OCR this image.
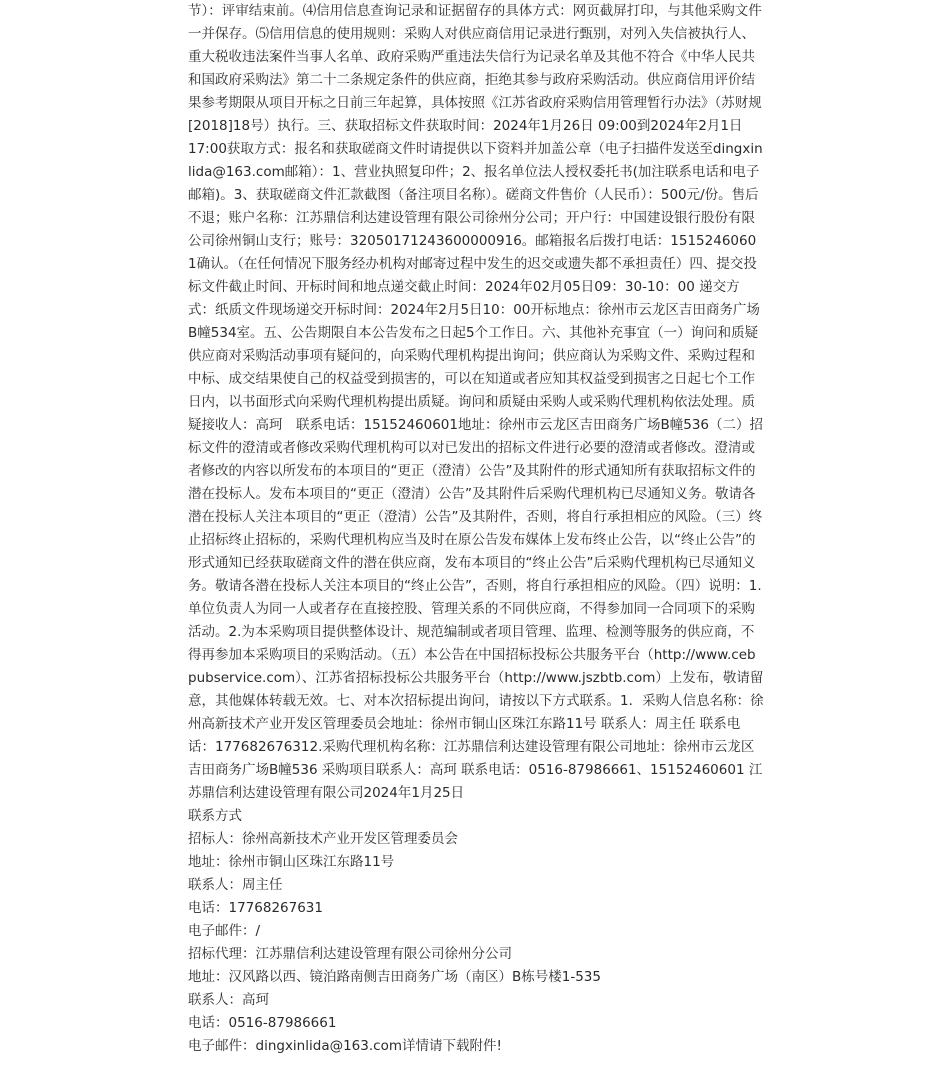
节）：评审结束前。⑷信用信息查询记录和证据留存的具体方式：网页截屏打印，与其他采购文件一并保存。⑸信用信息的使用规则：采购人对供应商信用记录进行甄别，对列入失信被执行人、重大税收违法案件当事人名单、政府采购严重违法失信行为记录名单及其他不符合《中华人民共和国政府采购法》第二十二条规定条件的供应商，拒绝其参与政府采购活动。供应商信用评价结果参考期限从项目开标之日前三年起算，具体按照《江苏省政府采购信用管理暂行办法》（苏财规[2018]18号）执行。三、获取招标文件获取时间：2024年1月26日 09:00到2024年2月1日　　17:00获取方式：报名和获取磋商文件时请提供以下资料并加盖公章（电子扫描件发送至dingxinlida@163.com邮箱）：1、营业执照复印件；2、报名单位法人授权委托书(加注联系电话和电子邮箱)。3、获取磋商文件汇款截图（备注项目名称）。磋商文件售价（人民币）：500元/份。售后不退；账户名称：江苏鼎信利达建设管理有限公司徐州分公司；开户行：中国建设银行股份有限公司徐州铜山支行；账号：32050171243600000916。邮箱报名后拨打电话：15152460601确认。（在任何情况下服务经办机构对邮寄过程中发生的迟交或遗失都不承担责任）四、提交投标文件截止时间、开标时间和地点递交截止时间：2024年02月05日09：30-10：00 递交方式：纸质文件现场递交开标时间：2024年2月5日10：00开标地点：徐州市云龙区吉田商务广场B幢534室。五、公告期限自本公告发布之日起5个工作日。六、其他补充事宜（一）询问和质疑供应商对采购活动事项有疑问的，向采购代理机构提出询问；供应商认为采购文件、采购过程和中标、成交结果使自己的权益受到损害的，可以在知道或者应知其权益受到损害之日起七个工作日内，以书面形式向采购代理机构提出质疑。询问和质疑由采购人或采购代理机构依法处理。质疑接收人：高珂　联系电话：15152460601地址：徐州市云龙区吉田商务广场B幢536（二）招标文件的澄清或者修改采购代理机构可以对已发出的招标文件进行必要的澄清或者修改。澄清或者修改的内容以所发布的本项目的“更正（澄清）公告”及其附件的形式通知所有获取招标文件的潜在投标人。发布本项目的“更正（澄清）公告”及其附件后采购代理机构已尽通知义务。敬请各潜在投标人关注本项目的“更正（澄清）公告”及其附件，否则，将自行承担相应的风险。（三）终止招标终止招标的，采购代理机构应当及时在原公告发布媒体上发布终止公告，以“终止公告”的形式通知已经获取磋商文件的潜在供应商，发布本项目的“终止公告”后采购代理机构已尽通知义务。敬请各潜在投标人关注本项目的“终止公告”，否则，将自行承担相应的风险。（四）说明：1.单位负责人为同一人或者存在直接控股、管理关系的不同供应商，不得参加同一合同项下的采购活动。2.为本采购项目提供整体设计、规范编制或者项目管理、监理、检测等服务的供应商，不得再参加本采购项目的采购活动。（五）本公告在中国招标投标公共服务平台（http://www.cebpubservice.com）、江苏省招标投标公共服务平台（http://www.jszbtb.com）上发布，敬请留意，其他媒体转载无效。七、对本次招标提出询问，请按以下方式联系。1．采购人信息名称：徐州高新技术产业开发区管理委员会地址：徐州市铜山区珠江东路11号 联系人：周主任 联系电话：177682676312.采购代理机构名称：江苏鼎信利达建设管理有限公司地址：徐州市云龙区吉田商务广场B幢536 采购项目联系人：高珂 联系电话：0516-87986661、15152460601 江苏鼎信利达建设管理有限公司2024年1月25日

联系方式
招标人：徐州高新技术产业开发区管理委员会
地址：徐州市铜山区珠江东路11号
联系人：周主任
电话：17768267631
电子邮件：/
招标代理：江苏鼎信利达建设管理有限公司徐州分公司
地址：汉风路以西、镜泊路南侧吉田商务广场（南区）B栋号楼1-535
联系人：高珂
电话：0516-87986661
电子邮件：dingxinlida@163.com详情请下载附件!
